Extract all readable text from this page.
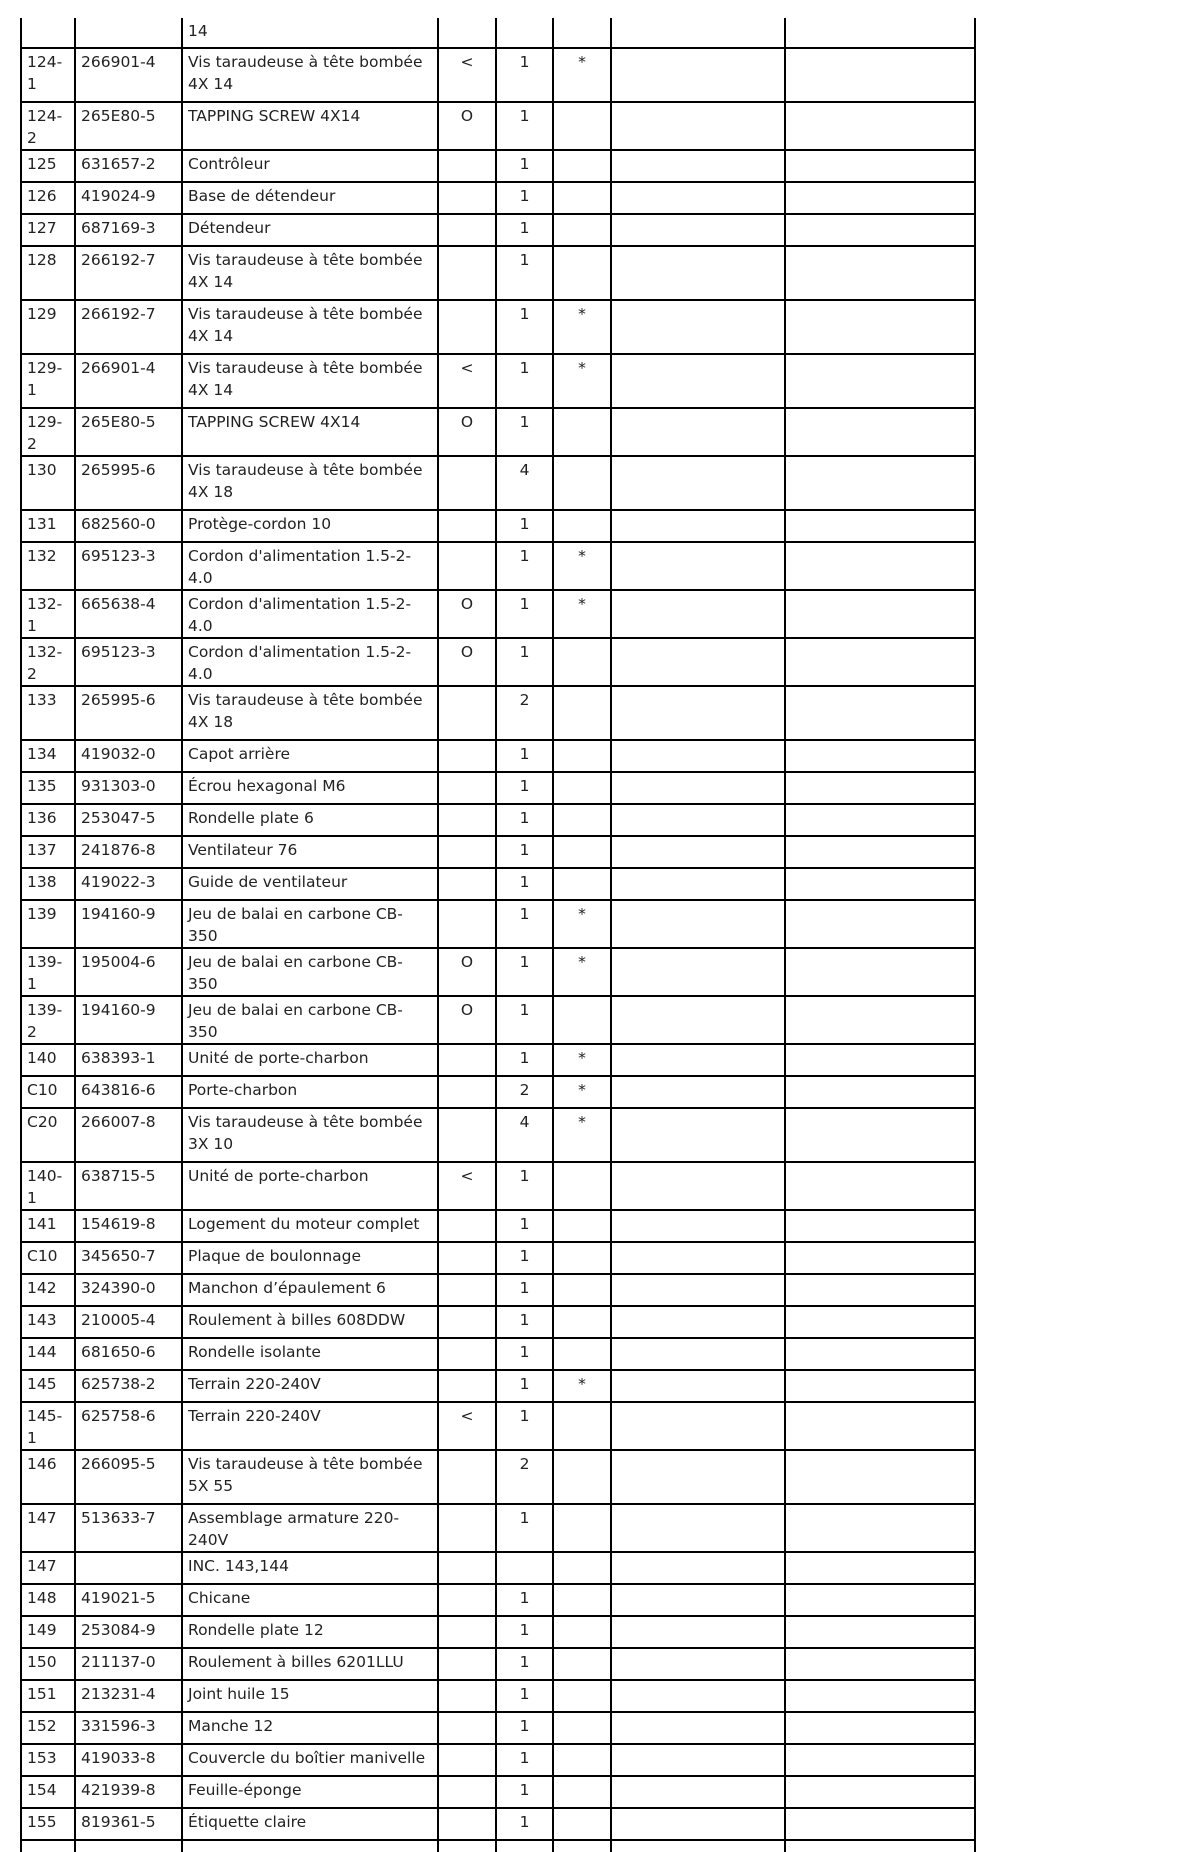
		14					
124-1	266901-4	Vis taraudeuse à tête bombée 4X 14	<	1	*		
124-2	265E80-5	TAPPING SCREW 4X14	O	1			
125	631657-2	Contrôleur		1			
126	419024-9	Base de détendeur		1			
127	687169-3	Détendeur		1			
128	266192-7	Vis taraudeuse à tête bombée 4X 14		1			
129	266192-7	Vis taraudeuse à tête bombée 4X 14		1	*		
129-1	266901-4	Vis taraudeuse à tête bombée 4X 14	<	1	*		
129-2	265E80-5	TAPPING SCREW 4X14	O	1			
130	265995-6	Vis taraudeuse à tête bombée 4X 18		4			
131	682560-0	Protège-cordon 10		1			
132	695123-3	Cordon d'alimentation 1.5-2-4.0		1	*		
132-1	665638-4	Cordon d'alimentation 1.5-2-4.0	O	1	*		
132-2	695123-3	Cordon d'alimentation 1.5-2-4.0	O	1			
133	265995-6	Vis taraudeuse à tête bombée 4X 18		2			
134	419032-0	Capot arrière		1			
135	931303-0	Écrou hexagonal M6		1			
136	253047-5	Rondelle plate 6		1			
137	241876-8	Ventilateur 76		1			
138	419022-3	Guide de ventilateur		1			
139	194160-9	Jeu de balai en carbone CB-350		1	*		
139-1	195004-6	Jeu de balai en carbone CB-350	O	1	*		
139-2	194160-9	Jeu de balai en carbone CB-350	O	1			
140	638393-1	Unité de porte-charbon		1	*		
C10	643816-6	Porte-charbon		2	*		
C20	266007-8	Vis taraudeuse à tête bombée 3X 10		4	*		
140-1	638715-5	Unité de porte-charbon	<	1			
141	154619-8	Logement du moteur complet		1			
C10	345650-7	Plaque de boulonnage		1			
142	324390-0	Manchon d’épaulement 6		1			
143	210005-4	Roulement à billes 608DDW		1			
144	681650-6	Rondelle isolante		1			
145	625738-2	Terrain 220-240V		1	*		
145-1	625758-6	Terrain 220-240V	<	1			
146	266095-5	Vis taraudeuse à tête bombée 5X 55		2			
147	513633-7	Assemblage armature 220-240V		1			
147		INC. 143,144					
148	419021-5	Chicane		1			
149	253084-9	Rondelle plate 12		1			
150	211137-0	Roulement à billes 6201LLU		1			
151	213231-4	Joint huile 15		1			
152	331596-3	Manche 12		1			
153	419033-8	Couvercle du boîtier manivelle		1			
154	421939-8	Feuille-éponge		1			
155	819361-5	Étiquette claire		1			
